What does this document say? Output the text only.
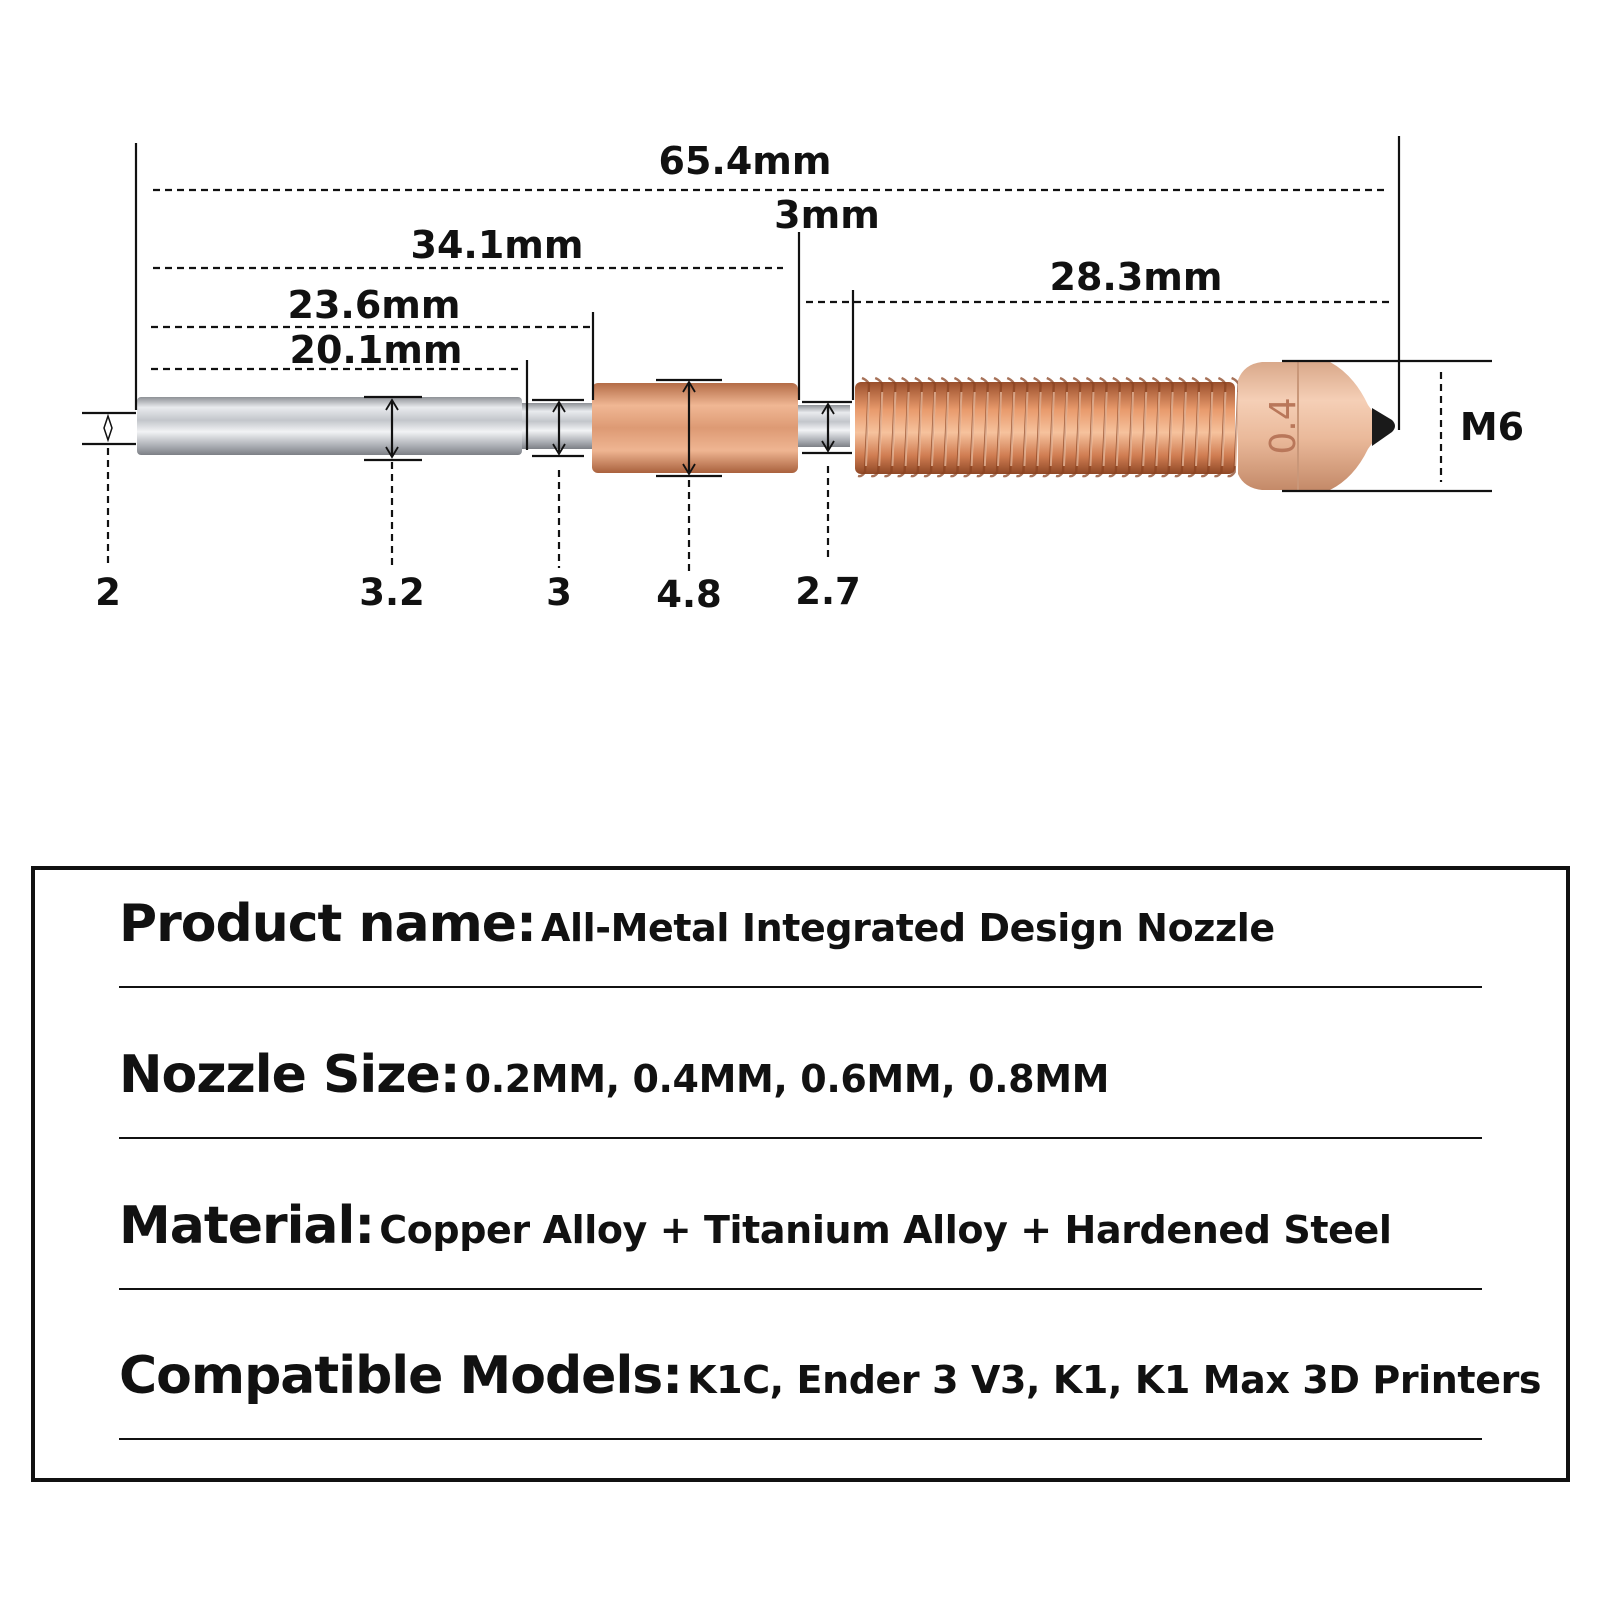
0.4
65.4mm
34.1mm
3mm
28.3mm
23.6mm
20.1mm
2	3.2	3 4.8 2.7
M6
Product name: All-Metal Integrated Design Nozzle
Nozzle Size: 0.2MM, 0.4MM, 0.6MM, 0.8MM
Material: Copper Alloy + Titanium Alloy + Hardened Steel
Compatible Models: K1C, Ender 3 V3, K1, K1 Max 3D Printers
